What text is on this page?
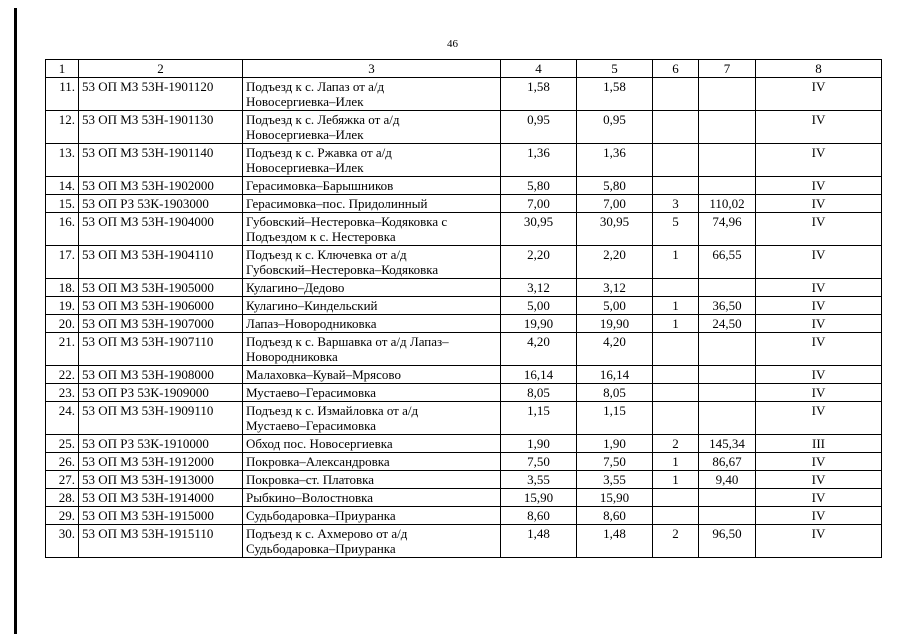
46
1	2	3	4	5	6	7	8
11.	53 ОП МЗ 53Н-1901120	Подъезд к с. Лапаз от а/д
Новосергиевка–Илек	1,58	1,58			IV
12.	53 ОП МЗ 53Н-1901130	Подъезд к с. Лебяжка от а/д
Новосергиевка–Илек	0,95	0,95			IV
13.	53 ОП МЗ 53Н-1901140	Подъезд к с. Ржавка от а/д
Новосергиевка–Илек	1,36	1,36			IV
14.	53 ОП МЗ 53Н-1902000	Герасимовка–Барышников	5,80	5,80			IV
15.	53 ОП РЗ 53К-1903000	Герасимовка–пос. Придолинный	7,00	7,00	3	110,02	IV
16.	53 ОП МЗ 53Н-1904000	Губовский–Нестеровка–Кодяковка с
Подъездом к с. Нестеровка	30,95	30,95	5	74,96	IV
17.	53 ОП МЗ 53Н-1904110	Подъезд к с. Ключевка от а/д
Губовский–Нестеровка–Кодяковка	2,20	2,20	1	66,55	IV
18.	53 ОП МЗ 53Н-1905000	Кулагино–Дедово	3,12	3,12			IV
19.	53 ОП МЗ 53Н-1906000	Кулагино–Киндельский	5,00	5,00	1	36,50	IV
20.	53 ОП МЗ 53Н-1907000	Лапаз–Новородниковка	19,90	19,90	1	24,50	IV
21.	53 ОП МЗ 53Н-1907110	Подъезд к с. Варшавка от а/д Лапаз–
Новородниковка	4,20	4,20			IV
22.	53 ОП МЗ 53Н-1908000	Малаховка–Кувай–Мрясово	16,14	16,14			IV
23.	53 ОП РЗ 53К-1909000	Мустаево–Герасимовка	8,05	8,05			IV
24.	53 ОП МЗ 53Н-1909110	Подъезд к с. Измайловка от а/д
Мустаево–Герасимовка	1,15	1,15			IV
25.	53 ОП РЗ 53К-1910000	Обход пос. Новосергиевка	1,90	1,90	2	145,34	III
26.	53 ОП МЗ 53Н-1912000	Покровка–Александровка	7,50	7,50	1	86,67	IV
27.	53 ОП МЗ 53Н-1913000	Покровка–ст. Платовка	3,55	3,55	1	9,40	IV
28.	53 ОП МЗ 53Н-1914000	Рыбкино–Волостновка	15,90	15,90			IV
29.	53 ОП МЗ 53Н-1915000	Судьбодаровка–Приуранка	8,60	8,60			IV
30.	53 ОП МЗ 53Н-1915110	Подъезд к с. Ахмерово от а/д
Судьбодаровка–Приуранка	1,48	1,48	2	96,50	IV
